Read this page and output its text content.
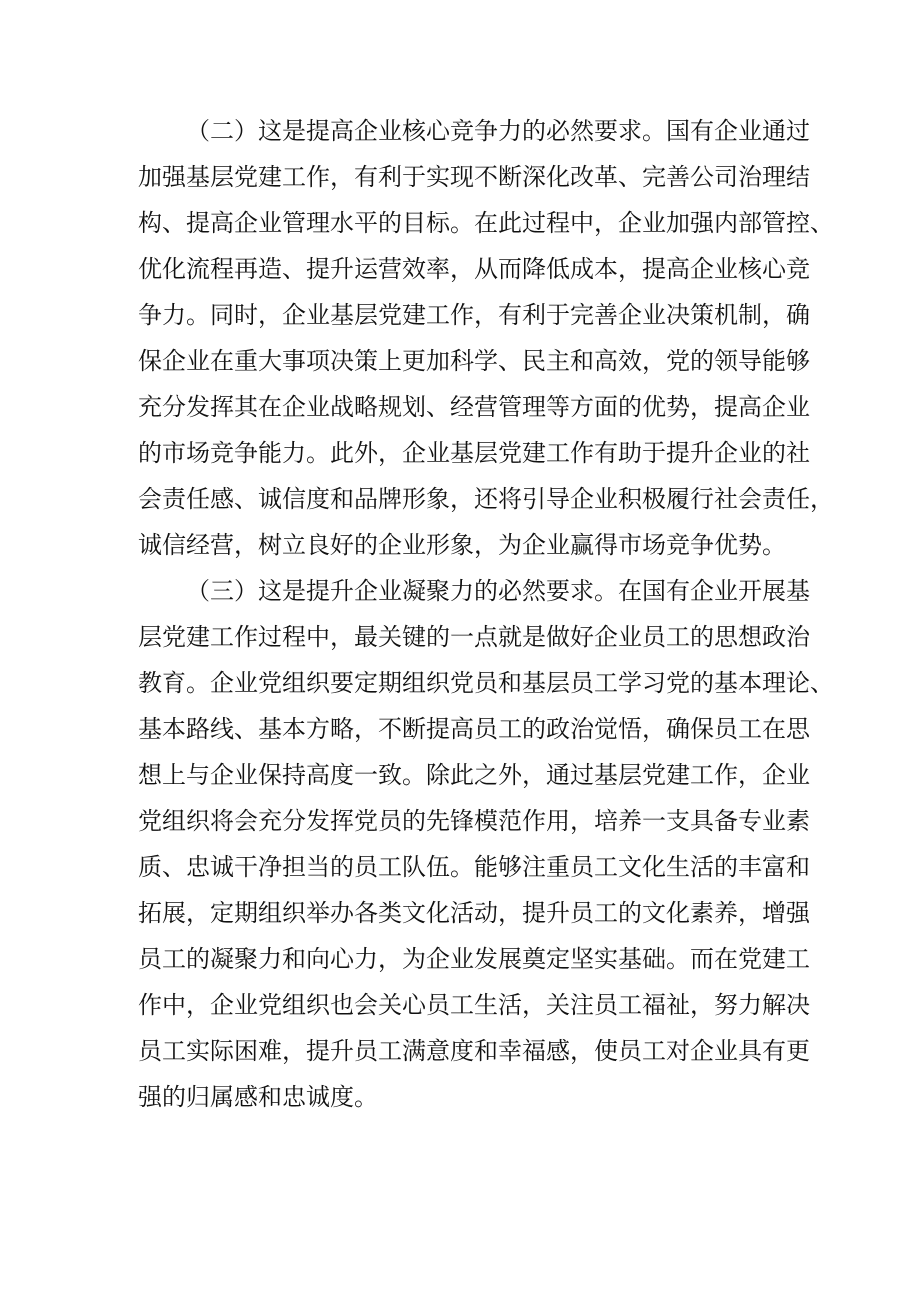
（二）这是提高企业核心竞争力的必然要求。国有企业通过
加强基层党建工作，有利于实现不断深化改革、完善公司治理结
构、提高企业管理水平的目标。在此过程中，企业加强内部管控、
优化流程再造、提升运营效率，从而降低成本，提高企业核心竞
争力。同时，企业基层党建工作，有利于完善企业决策机制，确
保企业在重大事项决策上更加科学、民主和高效，党的领导能够
充分发挥其在企业战略规划、经营管理等方面的优势，提高企业
的市场竞争能力。此外，企业基层党建工作有助于提升企业的社
会责任感、诚信度和品牌形象，还将引导企业积极履行社会责任，
诚信经营，树立良好的企业形象，为企业赢得市场竞争优势。

（三）这是提升企业凝聚力的必然要求。在国有企业开展基
层党建工作过程中，最关键的一点就是做好企业员工的思想政治
教育。企业党组织要定期组织党员和基层员工学习党的基本理论、
基本路线、基本方略，不断提高员工的政治觉悟，确保员工在思
想上与企业保持高度一致。除此之外，通过基层党建工作，企业
党组织将会充分发挥党员的先锋模范作用，培养一支具备专业素
质、忠诚干净担当的员工队伍。能够注重员工文化生活的丰富和
拓展，定期组织举办各类文化活动，提升员工的文化素养，增强
员工的凝聚力和向心力，为企业发展奠定坚实基础。而在党建工
作中，企业党组织也会关心员工生活，关注员工福祉，努力解决
员工实际困难，提升员工满意度和幸福感，使员工对企业具有更
强的归属感和忠诚度。
